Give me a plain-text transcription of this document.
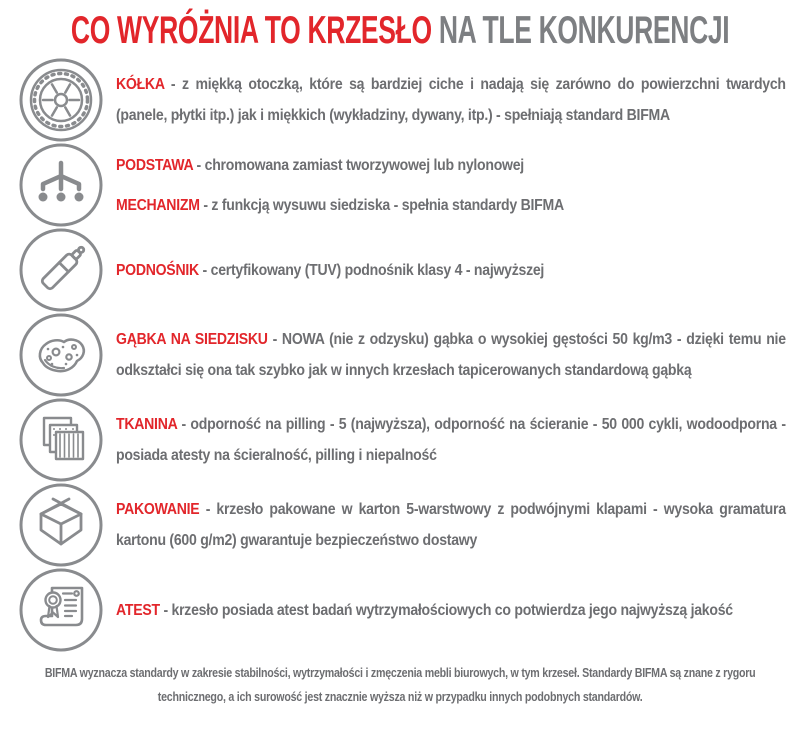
CO WYRÓŻNIA TO KRZESŁO NA TLE KONKURENCJI

KÓŁKA - z miękką otoczką, które są bardziej ciche i nadają się zarówno do powierzchni twardych (panele, płytki itp.) jak i miękkich (wykładziny, dywany, itp.) - spełniają standard BIFMA

PODSTAWA - chromowana zamiast tworzywowej lub nylonowej

MECHANIZM - z funkcją wysuwu siedziska - spełnia standardy BIFMA

PODNOŚNIK - certyfikowany (TUV) podnośnik klasy 4 - najwyższej

GĄBKA NA SIEDZISKU - NOWA (nie z odzysku) gąbka o wysokiej gęstości 50 kg/m3 - dzięki temu nie odkształci się ona tak szybko jak w innych krzesłach tapicerowanych standardową gąbką

TKANINA - odporność na pilling - 5 (najwyższa), odporność na ścieranie - 50 000 cykli, wodoodporna - posiada atesty na ścieralność, pilling i niepalność

PAKOWANIE - krzesło pakowane w karton 5-warstwowy z podwójnymi klapami - wysoka gramatura kartonu (600 g/m2) gwarantuje bezpieczeństwo dostawy

ATEST - krzesło posiada atest badań wytrzymałościowych co potwierdza jego najwyższą jakość

BIFMA wyznacza standardy w zakresie stabilności, wytrzymałości i zmęczenia mebli biurowych, w tym krzeseł. Standardy BIFMA są znane z rygoru technicznego, a ich surowość jest znacznie wyższa niż w przypadku innych podobnych standardów.
